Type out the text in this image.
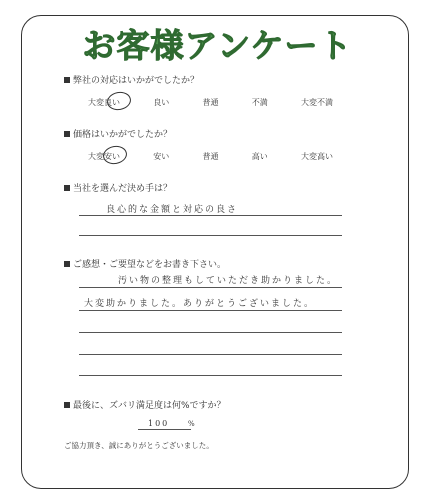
お客様アンケート
弊社の対応はいかがでしたか？
大変良い	良い	普通	不満	大変不満
価格はいかがでしたか？
大変安い	安い	普通	高い	大変高い
当社を選んだ決め手は？
良心的な金額と対応の良さ
ご感想・ご要望などをお書き下さい。
汚い物の整理もしていただき助かりました。
大変助かりました。ありがとうございました。
最後に、ズバリ満足度は何%ですか？
100	%
ご協力頂き、誠にありがとうございました。
